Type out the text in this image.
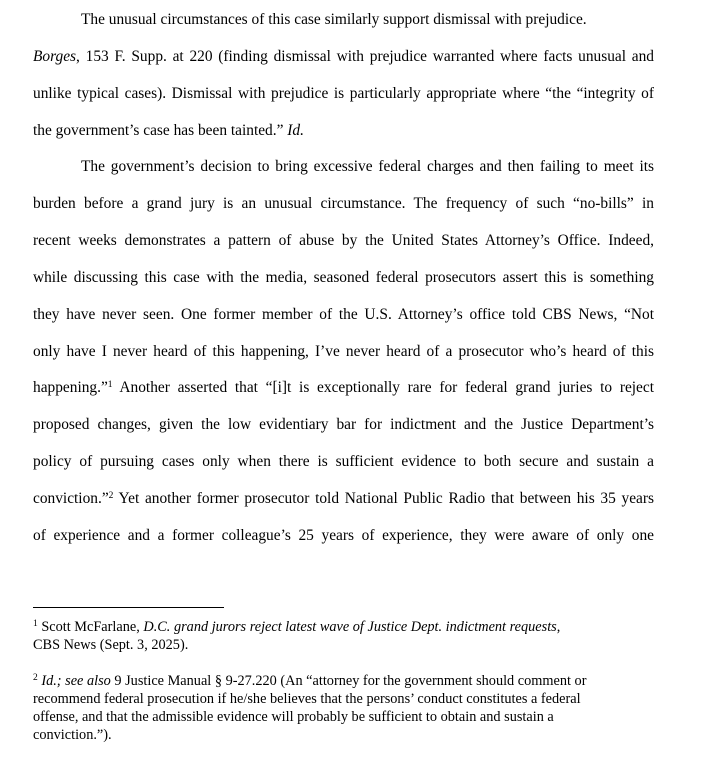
The unusual circumstances of this case similarly support dismissal with prejudice.

Borges, 153 F. Supp. at 220 (finding dismissal with prejudice warranted where facts unusual and

unlike typical cases). Dismissal with prejudice is particularly appropriate where “the “integrity of

the government’s case has been tainted.” Id.

The government’s decision to bring excessive federal charges and then failing to meet its

burden before a grand jury is an unusual circumstance. The frequency of such “no-bills” in

recent weeks demonstrates a pattern of abuse by the United States Attorney’s Office. Indeed,

while discussing this case with the media, seasoned federal prosecutors assert this is something

they have never seen. One former member of the U.S. Attorney’s office told CBS News, “Not

only have I never heard of this happening, I’ve never heard of a prosecutor who’s heard of this

happening.”$^1$ Another asserted that “[i]t is exceptionally rare for federal grand juries to reject

proposed changes, given the low evidentiary bar for indictment and the Justice Department’s

policy of pursuing cases only when there is sufficient evidence to both secure and sustain a

conviction.”$^2$ Yet another former prosecutor told National Public Radio that between his 35 years

of experience and a former colleague’s 25 years of experience, they were aware of only one

$^1$ Scott McFarlane, D.C. grand jurors reject latest wave of Justice Dept. indictment requests,

CBS News (Sept. 3, 2025).

$^2$ Id.; see also 9 Justice Manual § 9-27.220 (An “attorney for the government should comment or

recommend federal prosecution if he/she believes that the persons’ conduct constitutes a federal

offense, and that the admissible evidence will probably be sufficient to obtain and sustain a

conviction.”).
